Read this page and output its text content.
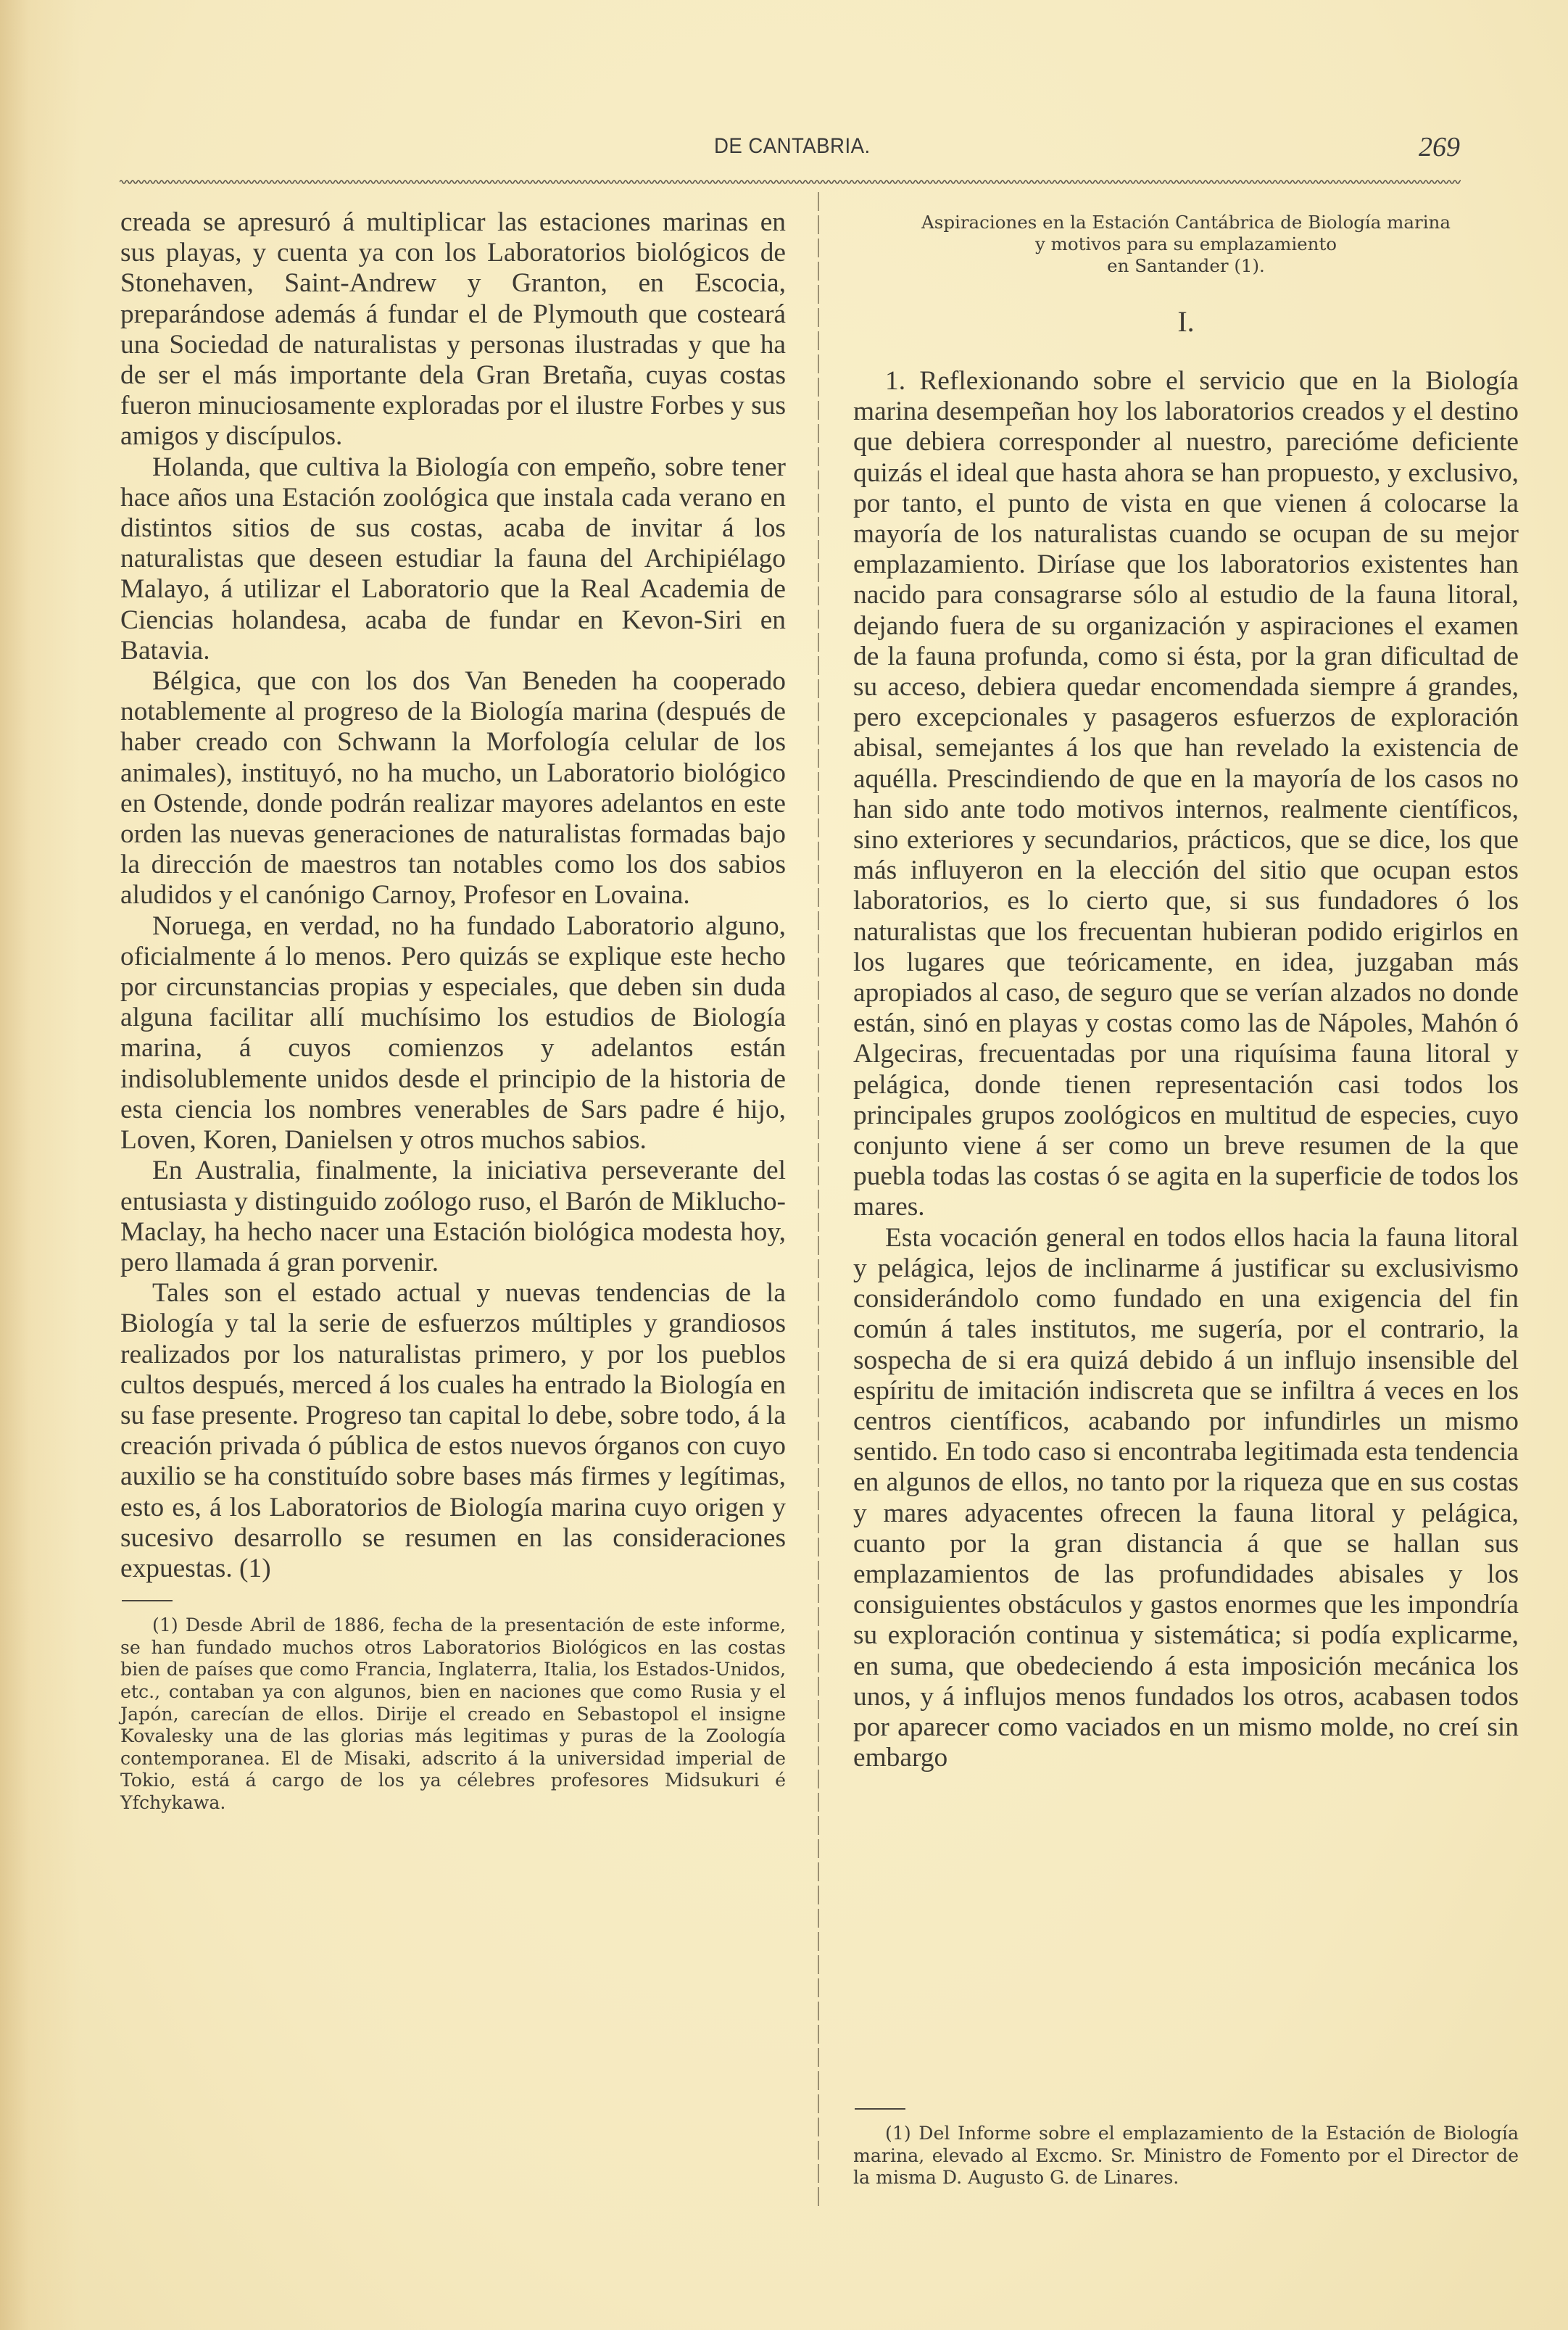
DE CANTABRIA.	269

creada se apresuró á multiplicar las estaciones marinas en sus playas, y cuenta ya con los Laboratorios biológicos de Stonehaven, Saint-Andrew y Granton, en Escocia, preparándose además á fundar el de Plymouth que costeará una Sociedad de naturalistas y personas ilustradas y que ha de ser el más importante dela Gran Bretaña, cuyas costas fueron minuciosamente exploradas por el ilustre Forbes y sus amigos y discípulos.

Holanda, que cultiva la Biología con empeño, sobre tener hace años una Estación zoológica que instala cada verano en distintos sitios de sus costas, acaba de invitar á los naturalistas que deseen estudiar la fauna del Archipiélago Malayo, á utilizar el Laboratorio que la Real Academia de Ciencias holandesa, acaba de fundar en Kevon-Siri en Batavia.

Bélgica, que con los dos Van Beneden ha cooperado notablemente al progreso de la Biología marina (después de haber creado con Schwann la Morfología celular de los animales), instituyó, no ha mucho, un Laboratorio biológico en Ostende, donde podrán realizar mayores adelantos en este orden las nuevas generaciones de naturalistas formadas bajo la dirección de maestros tan notables como los dos sabios aludidos y el canónigo Carnoy, Profesor en Lovaina.

Noruega, en verdad, no ha fundado Laboratorio alguno, oficialmente á lo menos. Pero quizás se explique este hecho por circunstancias propias y especiales, que deben sin duda alguna facilitar allí muchísimo los estudios de Biología marina, á cuyos comienzos y adelantos están indisolublemente unidos desde el principio de la historia de esta ciencia los nombres venerables de Sars padre é hijo, Loven, Koren, Danielsen y otros muchos sabios.

En Australia, finalmente, la iniciativa perseverante del entusiasta y distinguido zoólogo ruso, el Barón de Miklucho-Maclay, ha hecho nacer una Estación biológica modesta hoy, pero llamada á gran porvenir.

Tales son el estado actual y nuevas tendencias de la Biología y tal la serie de esfuerzos múltiples y grandiosos realizados por los naturalistas primero, y por los pueblos cultos después, merced á los cuales ha entrado la Biología en su fase presente. Progreso tan capital lo debe, sobre todo, á la creación privada ó pública de estos nuevos órganos con cuyo auxilio se ha constituído sobre bases más firmes y legítimas, esto es, á los Laboratorios de Biología marina cuyo origen y sucesivo desarrollo se resumen en las consideraciones expuestas. (1)

(1) Desde Abril de 1886, fecha de la presentación de este informe, se han fundado muchos otros Laboratorios Biológicos en las costas bien de países que como Francia, Inglaterra, Italia, los Estados-Unidos, etc., contaban ya con algunos, bien en naciones que como Rusia y el Japón, carecían de ellos. Dirije el creado en Sebastopol el insigne Kovalesky una de las glorias más legitimas y puras de la Zoología contemporanea. El de Misaki, adscrito á la universidad imperial de Tokio, está á cargo de los ya célebres profesores Midsukuri é Yfchykawa.

Aspiraciones en la Estación Cantábrica de Biología marina
y motivos para su emplazamiento
en Santander (1).
I.

1. Reflexionando sobre el servicio que en la Biología marina desempeñan hoy los laboratorios creados y el destino que debiera corresponder al nuestro, parecióme deficiente quizás el ideal que hasta ahora se han propuesto, y exclusivo, por tanto, el punto de vista en que vienen á colocarse la mayoría de los naturalistas cuando se ocupan de su mejor emplazamiento. Diríase que los laboratorios existentes han nacido para consagrarse sólo al estudio de la fauna litoral, dejando fuera de su organización y aspiraciones el examen de la fauna profunda, como si ésta, por la gran dificultad de su acceso, debiera quedar encomendada siempre á grandes, pero excepcionales y pasageros esfuerzos de exploración abisal, semejantes á los que han revelado la existencia de aquélla. Prescindiendo de que en la mayoría de los casos no han sido ante todo motivos internos, realmente científicos, sino exteriores y secundarios, prácticos, que se dice, los que más influyeron en la elección del sitio que ocupan estos laboratorios, es lo cierto que, si sus fundadores ó los naturalistas que los frecuentan hubieran podido erigirlos en los lugares que teóricamente, en idea, juzgaban más apropiados al caso, de seguro que se verían alzados no donde están, sinó en playas y costas como las de Nápoles, Mahón ó Algeciras, frecuentadas por una riquísima fauna litoral y pelágica, donde tienen representación casi todos los principales grupos zoológicos en multitud de especies, cuyo conjunto viene á ser como un breve resumen de la que puebla todas las costas ó se agita en la superficie de todos los mares.

Esta vocación general en todos ellos hacia la fauna litoral y pelágica, lejos de inclinarme á justificar su exclusivismo considerándolo como fundado en una exigencia del fin común á tales institutos, me sugería, por el contrario, la sospecha de si era quizá debido á un influjo insensible del espíritu de imitación indiscreta que se infiltra á veces en los centros científicos, acabando por infundirles un mismo sentido. En todo caso si encontraba legitimada esta tendencia en algunos de ellos, no tanto por la riqueza que en sus costas y mares adyacentes ofrecen la fauna litoral y pelágica, cuanto por la gran distancia á que se hallan sus emplazamientos de las profundidades abisales y los consiguientes obstáculos y gastos enormes que les impondría su exploración continua y sistemática; si podía explicarme, en suma, que obedeciendo á esta imposición mecánica los unos, y á influjos menos fundados los otros, acabasen todos por aparecer como vaciados en un mismo molde, no creí sin embargo

(1) Del Informe sobre el emplazamiento de la Estación de Biología marina, elevado al Excmo. Sr. Ministro de Fomento por el Director de la misma D. Augusto G. de Linares.
